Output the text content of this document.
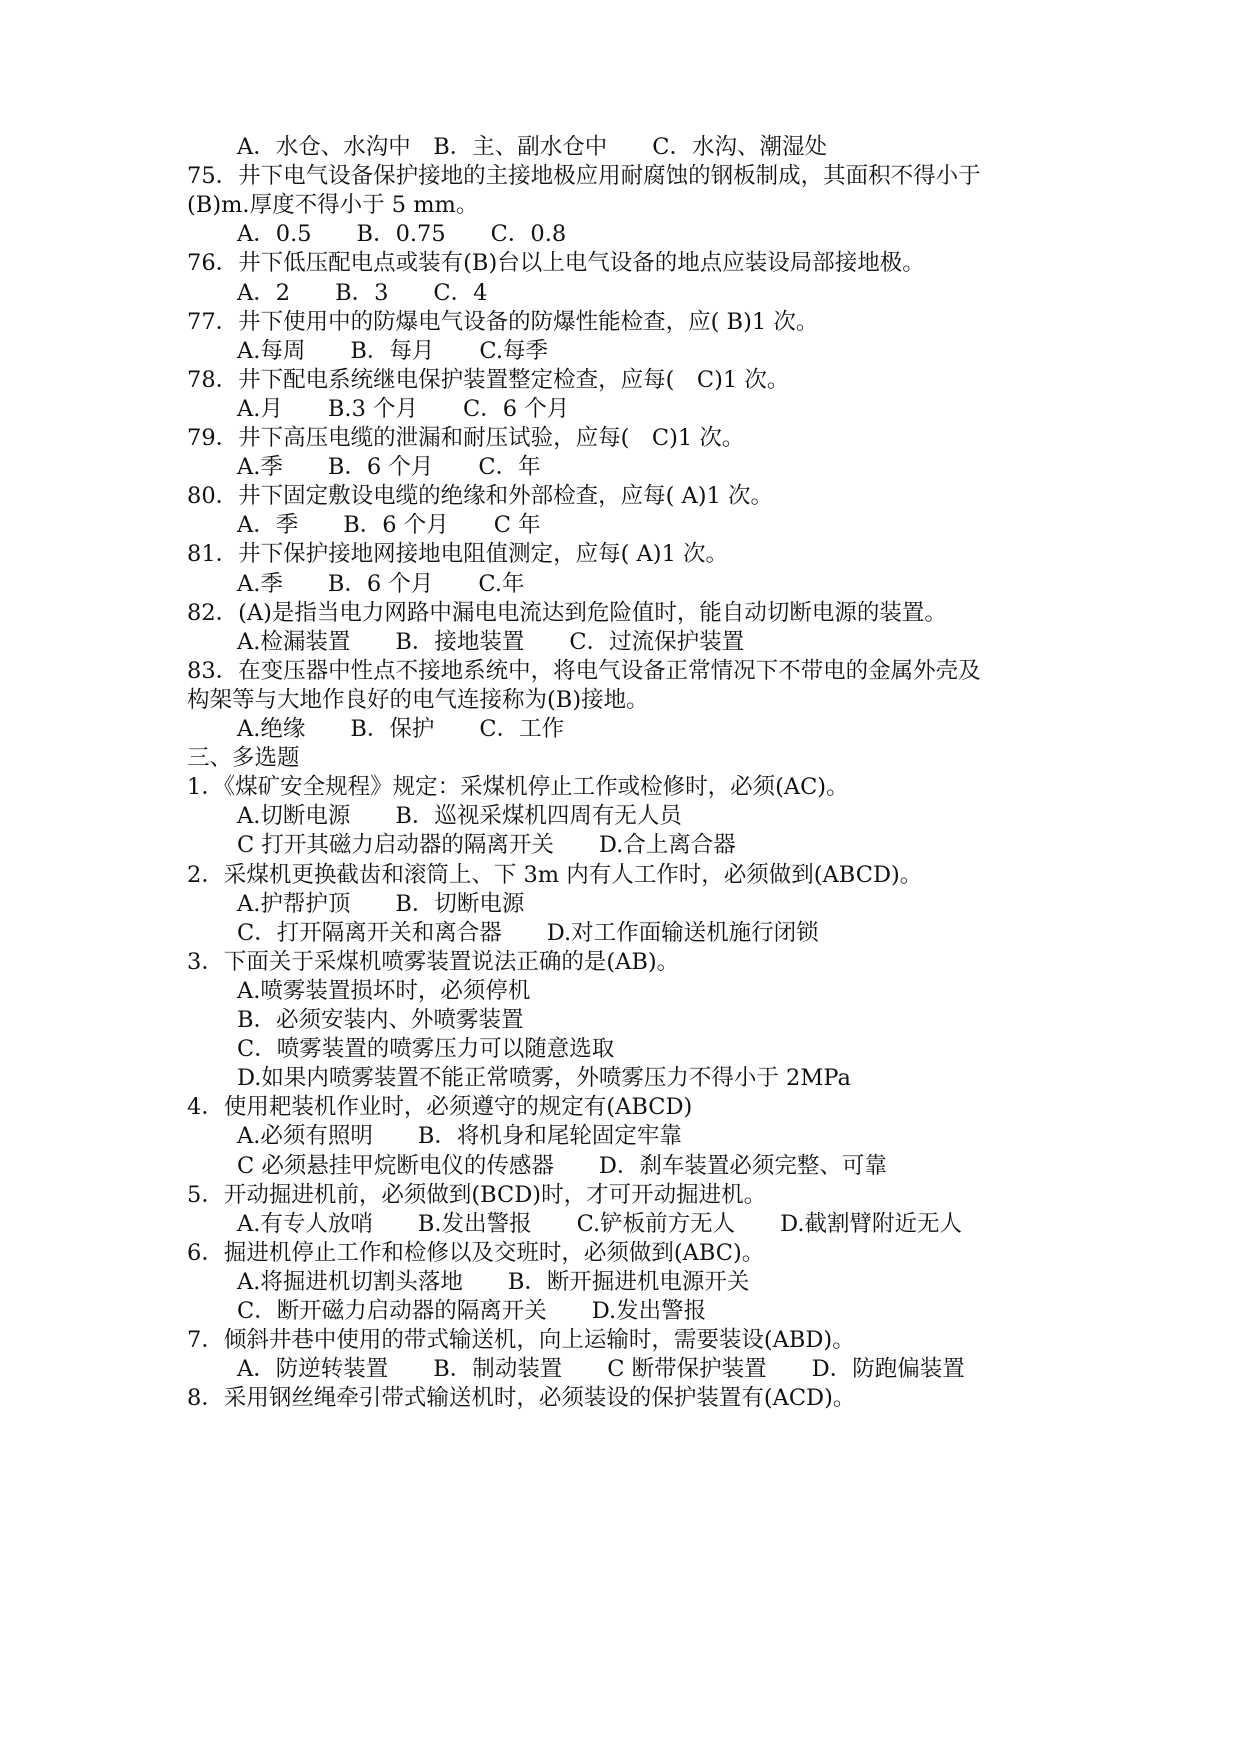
A．水仓、水沟中　B．主、副水仓中　　C．水沟、潮湿处
75．井下电气设备保护接地的主接地极应用耐腐蚀的钢板制成，其面积不得小于
(B)m.厚度不得小于 5 mm。
A．0.5　　B．0.75　　C．0.8
76．井下低压配电点或装有(B)台以上电气设备的地点应装设局部接地极。
A．2　　B．3　　C．4
77．井下使用中的防爆电气设备的防爆性能检查，应( B)1 次。
A.每周　　B．每月　　C.每季
78．井下配电系统继电保护装置整定检查，应每(　C)1 次。
A.月　　B.3 个月　　C．6 个月
79．井下高压电缆的泄漏和耐压试验，应每(　C)1 次。
A.季　　B．6 个月　　C．年
80．井下固定敷设电缆的绝缘和外部检查，应每( A)1 次。
A．季　　B．6 个月　　C 年
81．井下保护接地网接地电阻值测定，应每( A)1 次。
A.季　　B．6 个月　　C.年
82．(A)是指当电力网路中漏电电流达到危险值时，能自动切断电源的装置。
A.检漏装置　　B．接地装置　　C．过流保护装置
83．在变压器中性点不接地系统中，将电气设备正常情况下不带电的金属外壳及
构架等与大地作良好的电气连接称为(B)接地。
A.绝缘　　B．保护　　C．工作
三、多选题
1．《煤矿安全规程》规定：采煤机停止工作或检修时，必须(AC)。
A.切断电源　　B．巡视采煤机四周有无人员
C 打开其磁力启动器的隔离开关　　D.合上离合器
2．采煤机更换截齿和滚筒上、下 3m 内有人工作时，必须做到(ABCD)。
A.护帮护顶　　B．切断电源
C．打开隔离开关和离合器　　D.对工作面输送机施行闭锁
3．下面关于采煤机喷雾装置说法正确的是(AB)。
A.喷雾装置损坏时，必须停机
B．必须安装内、外喷雾装置
C．喷雾装置的喷雾压力可以随意选取
D.如果内喷雾装置不能正常喷雾，外喷雾压力不得小于 2MPa
4．使用耙装机作业时，必须遵守的规定有(ABCD)
A.必须有照明　　B．将机身和尾轮固定牢靠
C 必须悬挂甲烷断电仪的传感器　　D．刹车装置必须完整、可靠
5．开动掘进机前，必须做到(BCD)时，才可开动掘进机。
A.有专人放哨　　B.发出警报　　C.铲板前方无人　　D.截割臂附近无人
6．掘进机停止工作和检修以及交班时，必须做到(ABC)。
A.将掘进机切割头落地　　B．断开掘进机电源开关
C．断开磁力启动器的隔离开关　　D.发出警报
7．倾斜井巷中使用的带式输送机，向上运输时，需要装设(ABD)。
A．防逆转装置　　B．制动装置　　C 断带保护装置　　D．防跑偏装置
8．采用钢丝绳牵引带式输送机时，必须装设的保护装置有(ACD)。
